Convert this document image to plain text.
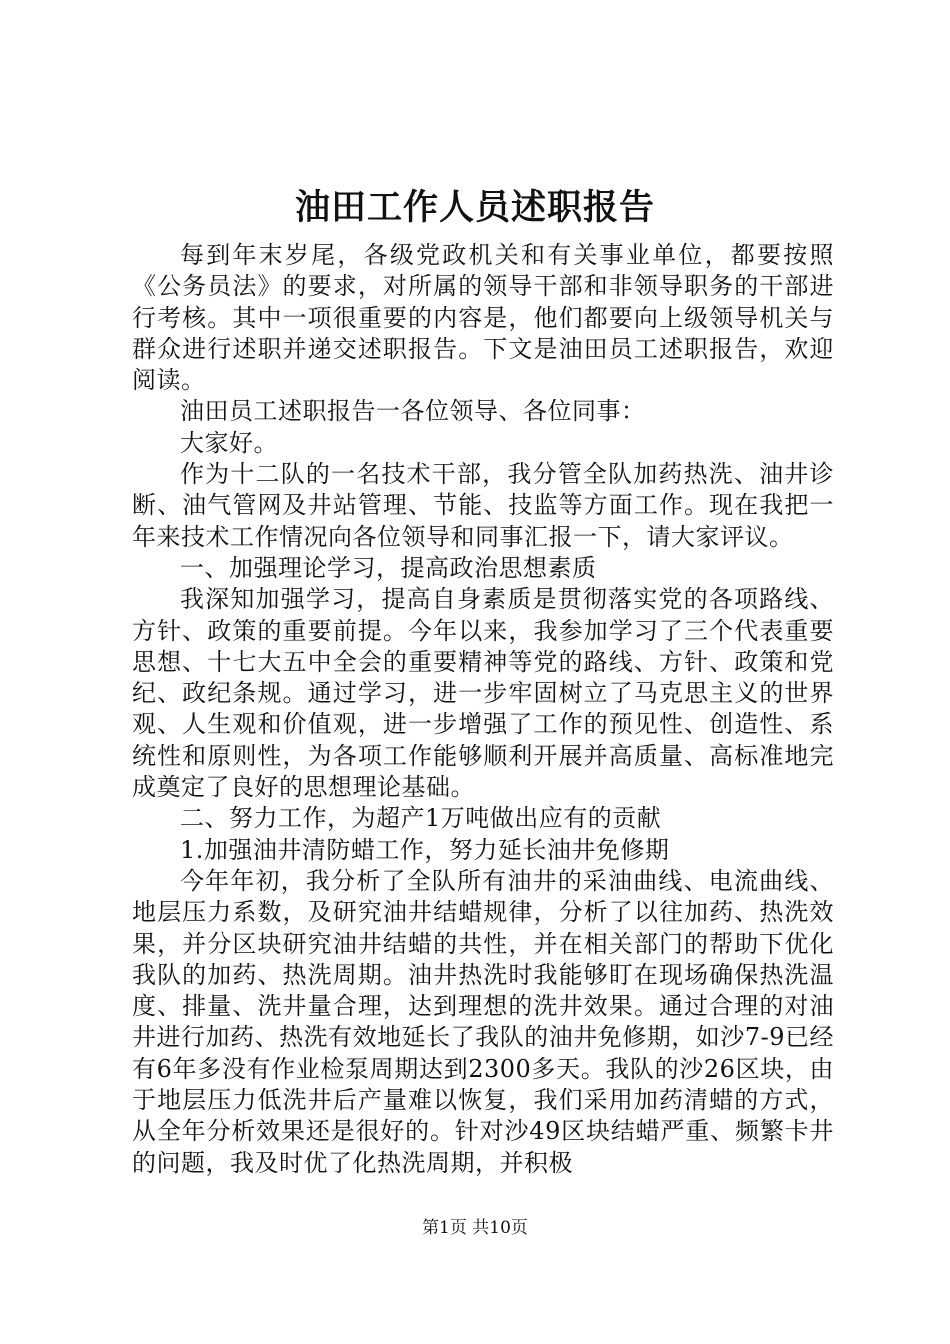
油田工作人员述职报告

每到年末岁尾，各级党政机关和有关事业单位，都要按照《公务员法》的要求，对所属的领导干部和非领导职务的干部进行考核。其中一项很重要的内容是，他们都要向上级领导机关与群众进行述职并递交述职报告。下文是油田员工述职报告，欢迎阅读。

油田员工述职报告一各位领导、各位同事：

大家好。

作为十二队的一名技术干部，我分管全队加药热洗、油井诊断、油气管网及井站管理、节能、技监等方面工作。现在我把一年来技术工作情况向各位领导和同事汇报一下，请大家评议。

一、加强理论学习，提高政治思想素质

我深知加强学习，提高自身素质是贯彻落实党的各项路线、方针、政策的重要前提。今年以来，我参加学习了三个代表重要思想、十七大五中全会的重要精神等党的路线、方针、政策和党纪、政纪条规。通过学习，进一步牢固树立了马克思主义的世界观、人生观和价值观，进一步增强了工作的预见性、创造性、系统性和原则性，为各项工作能够顺利开展并高质量、高标准地完成奠定了良好的思想理论基础。

二、努力工作，为超产1万吨做出应有的贡献

1.加强油井清防蜡工作，努力延长油井免修期

今年年初，我分析了全队所有油井的采油曲线、电流曲线、地层压力系数，及研究油井结蜡规律，分析了以往加药、热洗效果，并分区块研究油井结蜡的共性，并在相关部门的帮助下优化我队的加药、热洗周期。油井热洗时我能够盯在现场确保热洗温度、排量、洗井量合理，达到理想的洗井效果。通过合理的对油井进行加药、热洗有效地延长了我队的油井免修期，如沙7-9已经有6年多没有作业检泵周期达到2300多天。我队的沙26区块，由于地层压力低洗井后产量难以恢复，我们采用加药清蜡的方式，从全年分析效果还是很好的。针对沙49区块结蜡严重、频繁卡井的问题，我及时优了化热洗周期，并积极

第1页 共10页
